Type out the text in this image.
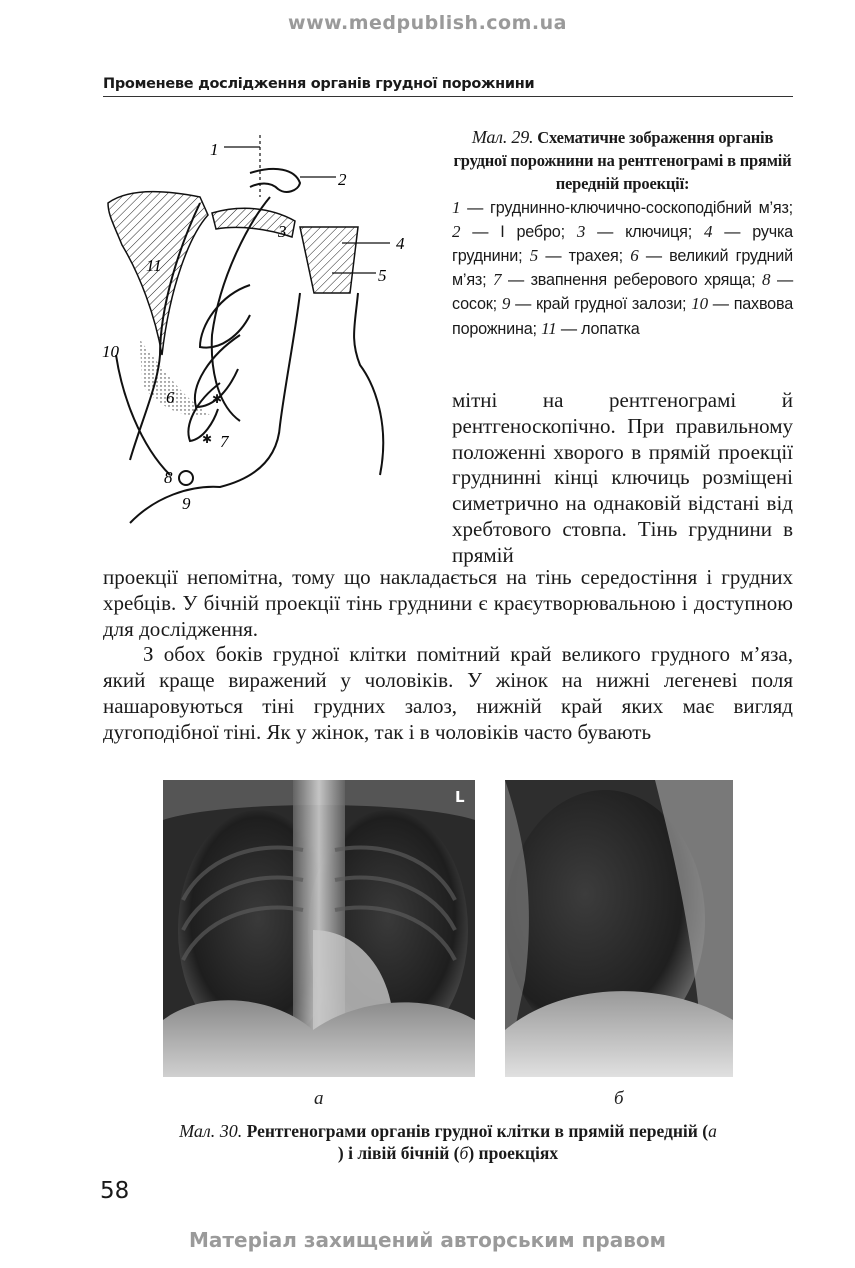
www.medpublish.com.ua
Променеве дослідження органів грудної порожнини
✱
✱
1
2
3
4
5
6
7
8
9
10
11
Мал. 29. Схематичне зображення органів грудної порожнини на рентгенограмі в прямій передній проекції:
1 — груднинно-ключично-соскоподібний м’яз; 2 — I ребро; 3 — ключиця; 4 — ручка груднини; 5 — трахея; 6 — великий грудний м’яз; 7 — звапнення реберового хряща; 8 — сосок; 9 — край грудної залози; 10 — пахвова порожнина; 11 — лопатка
мітні на рентгенограмі й рентгеноскопічно. При правильному положенні хворого в прямій проекції груднинні кінці ключиць розміщені симетрично на однаковій відстані від хребтового стовпа. Тінь груднини в прямій

проекції непомітна, тому що накладається на тінь середостіння і грудних хребців. У бічній проекції тінь груднини є краєутворювальною і доступною для дослідження.

З обох боків грудної клітки помітний край великого грудного м’яза, який краще виражений у чоловіків. У жінок на нижні легеневі поля нашаровуються тіні грудних залоз, нижній край яких має вигляд дугоподібної тіні. Як у жінок, так і в чоловіків часто бувають

L
а	б
Мал. 30. Рентгенограми органів грудної клітки в прямій передній (а
) і лівій бічній (б) проекціях
58
Матеріал захищений авторським правом
